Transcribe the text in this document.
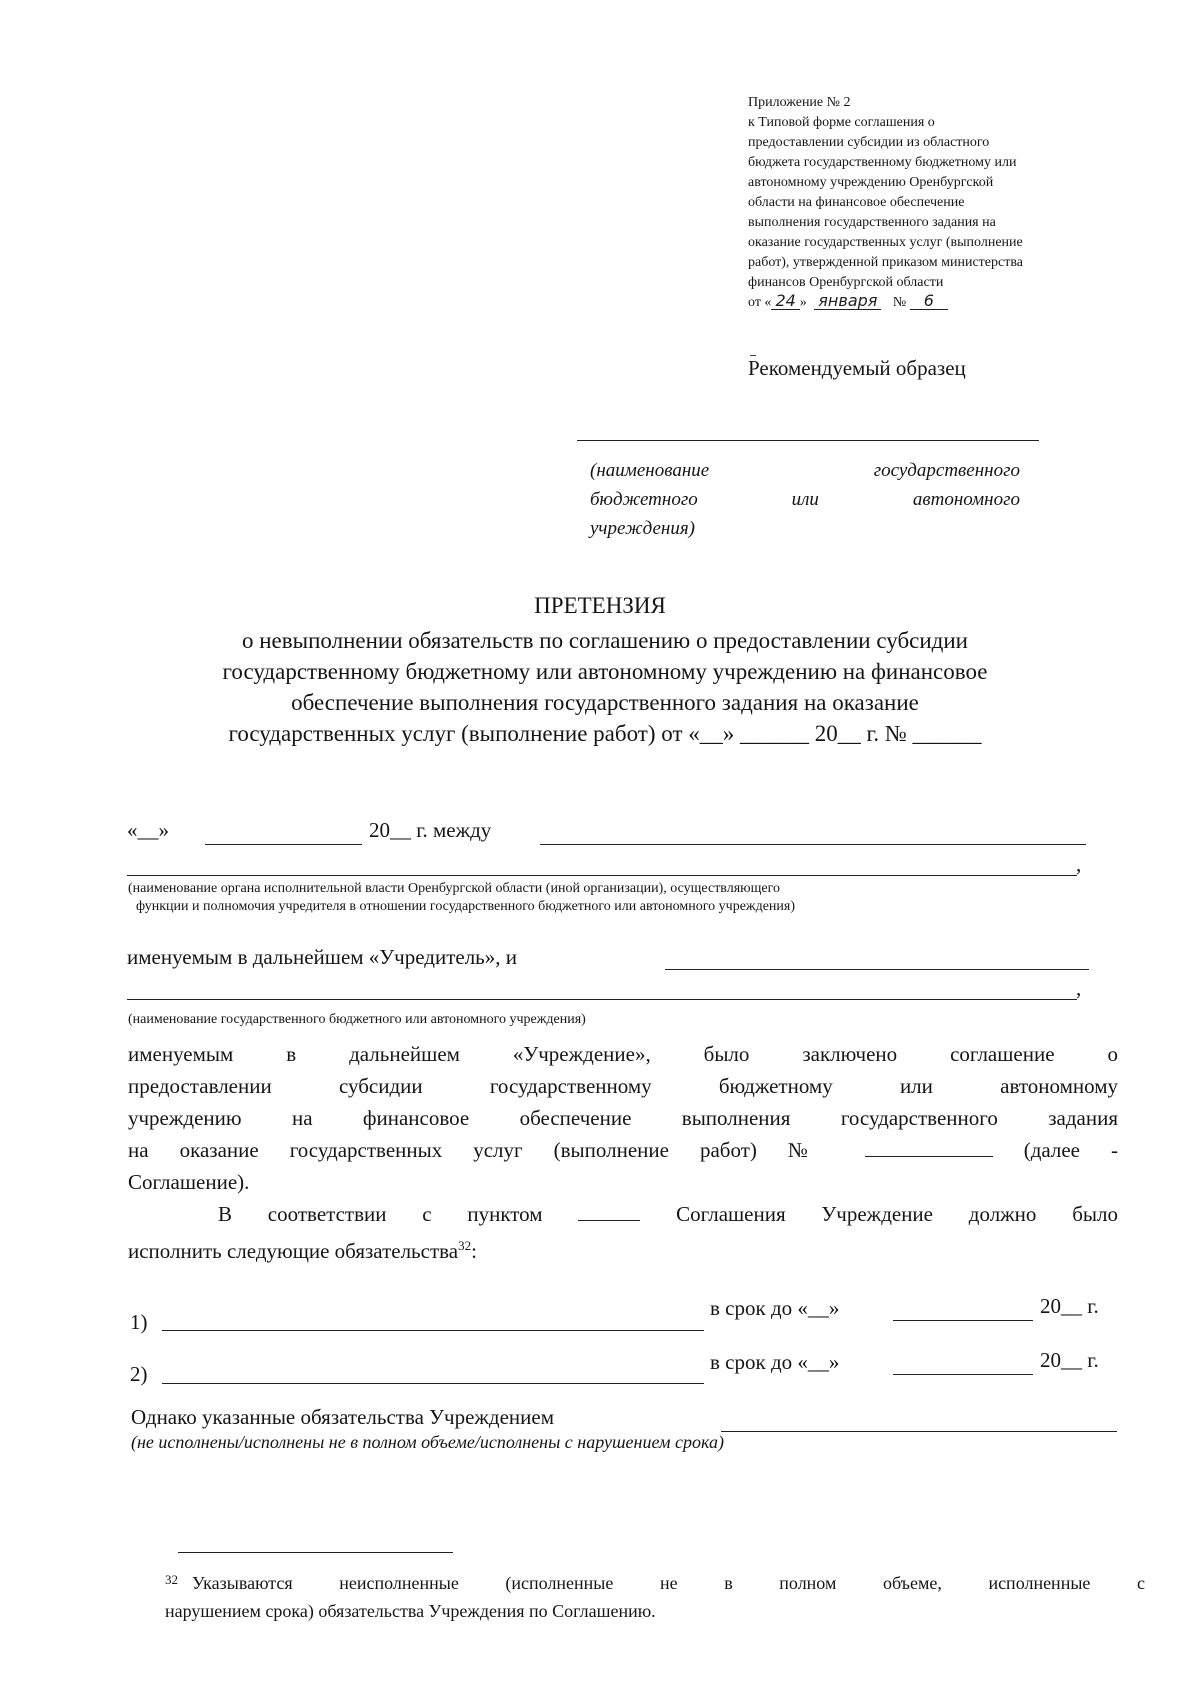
Приложение № 2
к Типовой форме соглашения о
предоставлении субсидии из областного
бюджета государственному бюджетному или
автономному учреждению Оренбургской
области на финансовое обеспечение
выполнения государственного задания на
оказание государственных услуг (выполнение
работ), утвержденной приказом министерства
финансов Оренбургской области
от « 24 » января № 6
Рекомендуемый образец
(наименование	государственного
бюджетного	или	автономного
учреждения)
ПРЕТЕНЗИЯ
о невыполнении обязательств по соглашению о предоставлении субсидии
государственному бюджетному или автономному учреждению на финансовое
обеспечение выполнения государственного задания на оказание
государственных услуг (выполнение работ) от «__» ______ 20__ г. № ______
«__»	20__ г. между
,
(наименование органа исполнительной власти Оренбургской области (иной организации), осуществляющего
функции и полномочия учредителя в отношении государственного бюджетного или автономного учреждения)
именуемым в дальнейшем «Учредитель», и
,
(наименование государственного бюджетного или автономного учреждения)
именуемым в дальнейшем «Учреждение», было заключено соглашение о
предоставлении субсидии государственному бюджетному или автономному
учреждению на финансовое обеспечение выполнения государственного задания
на оказание государственных услуг (выполнение работ) №	(далее -
Соглашение).
В соответствии с пунктом	Соглашения Учреждение должно было
исполнить следующие обязательства$^{32}$:
1)
в срок до «__»	20__ г.
2)	в срок до «__»	20__ г.
Однако указанные обязательства Учреждением
(не исполнены/исполнены не в полном объеме/исполнены с нарушением срока)
$^{32}$ Указываются неисполненные (исполненные не в полном объеме, исполненные с
нарушением срока) обязательства Учреждения по Соглашению.
